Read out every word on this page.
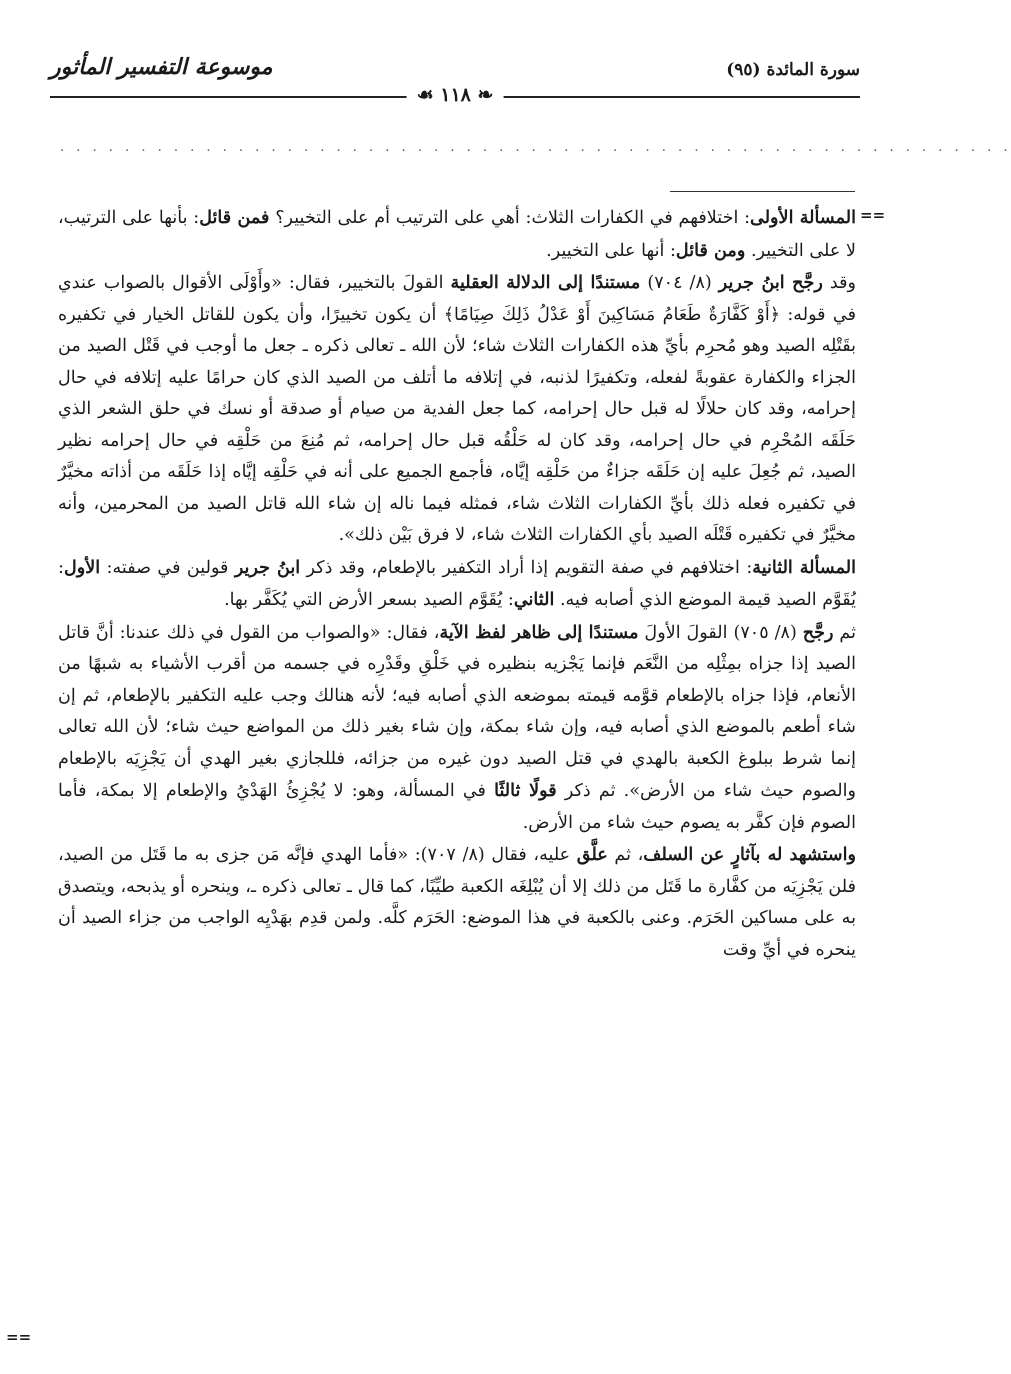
موسوعة التفسير المأثور	سورة المائدة (٩٥)
❧ ١١٨ ☙
. . . . . . . . . . . . . . . . . . . . . . . . . . . . . . . . . . . . . . . . . . . . . . . . . . . . . . . . . . .
==
==

المسألة الأولى: اختلافهم في الكفارات الثلاث: أهي على الترتيب أم على التخيير؟ فمن قائل: بأنها على الترتيب، لا على التخيير. ومن قائل: أنها على التخيير.

وقد رجَّح ابنُ جرير (٨/ ٧٠٤) مستندًا إلى الدلالة العقلية القولَ بالتخيير، فقال: «وأَوْلَى الأقوال بالصواب عندي في قوله: ﴿أَوْ كَفَّارَةٌ طَعَامُ مَسَاكِينَ أَوْ عَدْلُ ذَلِكَ صِيَامًا﴾ أن يكون تخييرًا، وأن يكون للقاتل الخيار في تكفيره بقَتْلِه الصيد وهو مُحرِم بأيِّ هذه الكفارات الثلاث شاء؛ لأن الله ـ تعالى ذكره ـ جعل ما أوجب في قَتْل الصيد من الجزاء والكفارة عقوبةً لفعله، وتكفيرًا لذنبه، في إتلافه ما أتلف من الصيد الذي كان حرامًا عليه إتلافه في حال إحرامه، وقد كان حلالًا له قبل حال إحرامه، كما جعل الفدية من صيام أو صدقة أو نسك في حلق الشعر الذي حَلَقَه المُحْرِم في حال إحرامه، وقد كان له حَلْقُه قبل حال إحرامه، ثم مُنِعَ من حَلْقِه في حال إحرامه نظير الصيد، ثم جُعِلَ عليه إن حَلَقَه جزاءٌ من حَلْقِه إيَّاه، فأجمع الجميع على أنه في حَلْقِه إيَّاه إذا حَلَقَه من أذاته مخيَّرٌ في تكفيره فعله ذلك بأيِّ الكفارات الثلاث شاء، فمثله فيما ناله إن شاء الله قاتل الصيد من المحرمين، وأنه مخيَّرٌ في تكفيره قَتْلَه الصيد بأي الكفارات الثلاث شاء، لا فرق بَيْن ذلك».

المسألة الثانية: اختلافهم في صفة التقويم إذا أراد التكفير بالإطعام، وقد ذكر ابنُ جرير قولين في صفته: الأول: يُقَوَّم الصيد قيمة الموضع الذي أصابه فيه. الثاني: يُقَوَّم الصيد بسعر الأرض التي يُكَفَّر بها.

ثم رجَّح (٨/ ٧٠٥) القولَ الأولَ مستندًا إلى ظاهر لفظ الآية، فقال: «والصواب من القول في ذلك عندنا: أنَّ قاتل الصيد إذا جزاه بمِثْلِه من النَّعَم فإنما يَجْزيه بنظيره في خَلْقِ وقَدْرِه في جسمه من أقرب الأشياء به شبهًا من الأنعام، فإذا جزاه بالإطعام قوَّمه قيمته بموضعه الذي أصابه فيه؛ لأنه هنالك وجب عليه التكفير بالإطعام، ثم إن شاء أطعم بالموضع الذي أصابه فيه، وإن شاء بمكة، وإن شاء بغير ذلك من المواضع حيث شاء؛ لأن الله تعالى إنما شرط ببلوغ الكعبة بالهدي في قتل الصيد دون غيره من جزائه، فللجازي بغير الهدي أن يَجْزِيَه بالإطعام والصوم حيث شاء من الأرض». ثم ذكر قولًا ثالثًا في المسألة، وهو: لا يُجْزِئُ الهَدْيُ والإطعام إلا بمكة، فأما الصوم فإن كفَّر به يصوم حيث شاء من الأرض.

واستشهد له بآثارٍ عن السلف، ثم علَّق عليه، فقال (٨/ ٧٠٧): «فأما الهدي فإنَّه مَن جزى به ما قَتَل من الصيد، فلن يَجْزِيَه من كفَّارة ما قَتَل من ذلك إلا أن يُبْلِغَه الكعبة طيِّبًا، كما قال ـ تعالى ذكره ـ، وينحره أو يذبحه، ويتصدق به على مساكين الحَرَم. وعنى بالكعبة في هذا الموضع: الحَرَم كلَّه. ولمن قدِم بهَدْيِه الواجب من جزاء الصيد أن ينحره في أيِّ وقت
